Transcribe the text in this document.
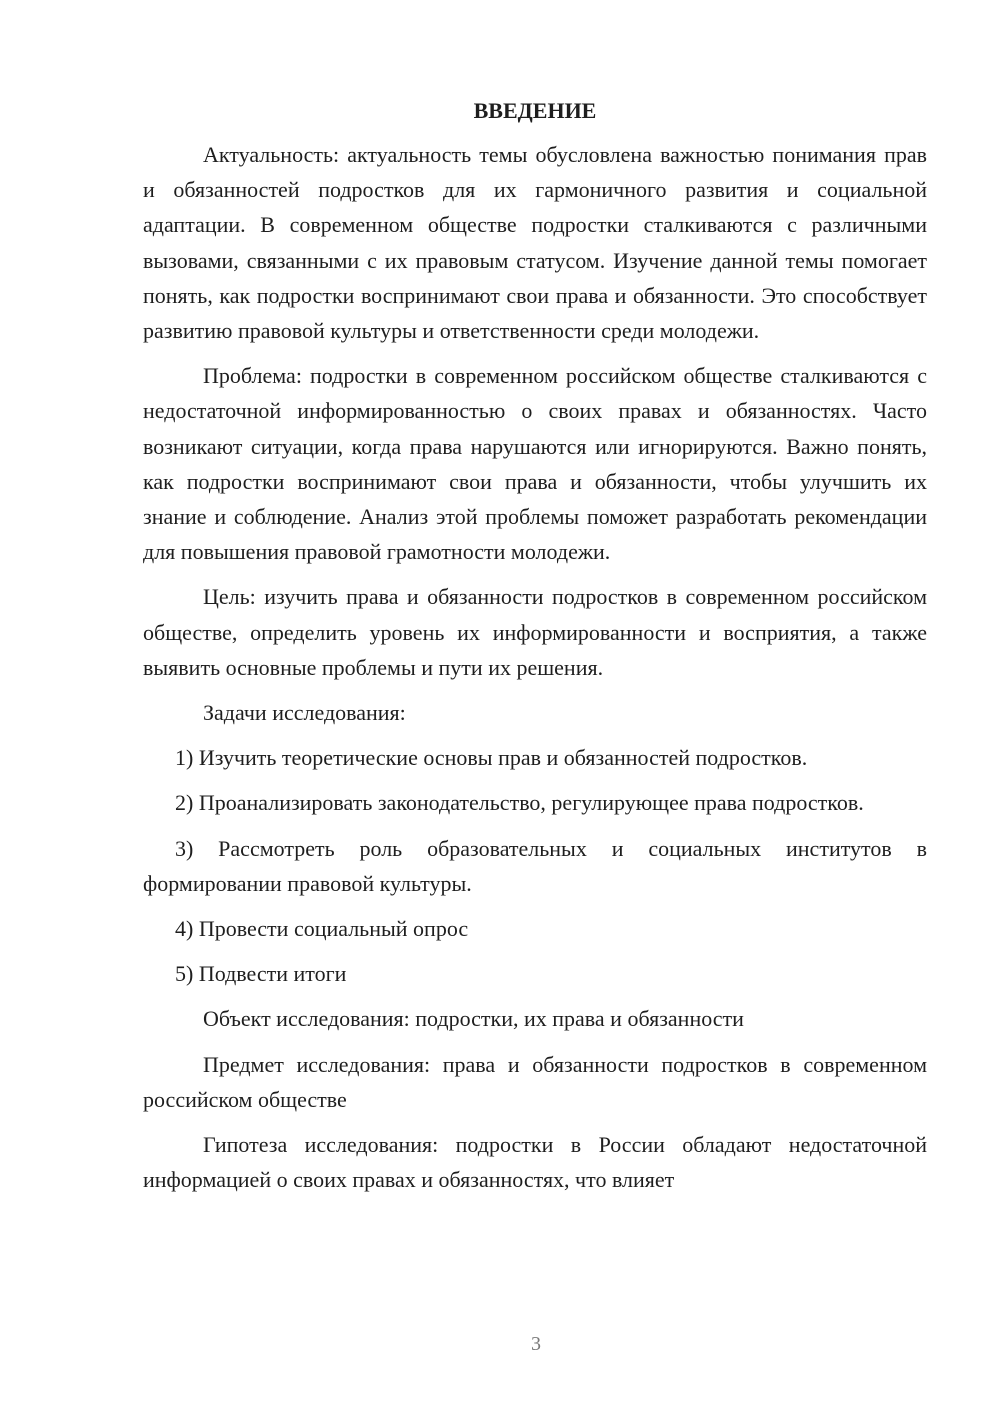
ВВЕДЕНИЕ

Актуальность: актуальность темы обусловлена важностью понимания прав и обязанностей подростков для их гармоничного развития и социальной адаптации. В современном обществе подростки сталкиваются с различными вызовами, связанными с их правовым статусом. Изучение данной темы помогает понять, как подростки воспринимают свои права и обязанности. Это способствует развитию правовой культуры и ответственности среди молодежи.

Проблема: подростки в современном российском обществе сталкиваются с недостаточной информированностью о своих правах и обязанностях. Часто возникают ситуации, когда права нарушаются или игнорируются. Важно понять, как подростки воспринимают свои права и обязанности, чтобы улучшить их знание и соблюдение. Анализ этой проблемы поможет разработать рекомендации для повышения правовой грамотности молодежи.

Цель: изучить права и обязанности подростков в современном российском обществе, определить уровень их информированности и восприятия, а также выявить основные проблемы и пути их решения.

Задачи исследования:

1) Изучить теоретические основы прав и обязанностей подростков.

2) Проанализировать законодательство, регулирующее права подростков.

3) Рассмотреть роль образовательных и социальных институтов в формировании правовой культуры.

4) Провести социальный опрос

5) Подвести итоги

Объект исследования: подростки, их права и обязанности

Предмет исследования: права и обязанности подростков в современном российском обществе

Гипотеза исследования: подростки в России обладают недостаточной информацией о своих правах и обязанностях, что влияет

3
